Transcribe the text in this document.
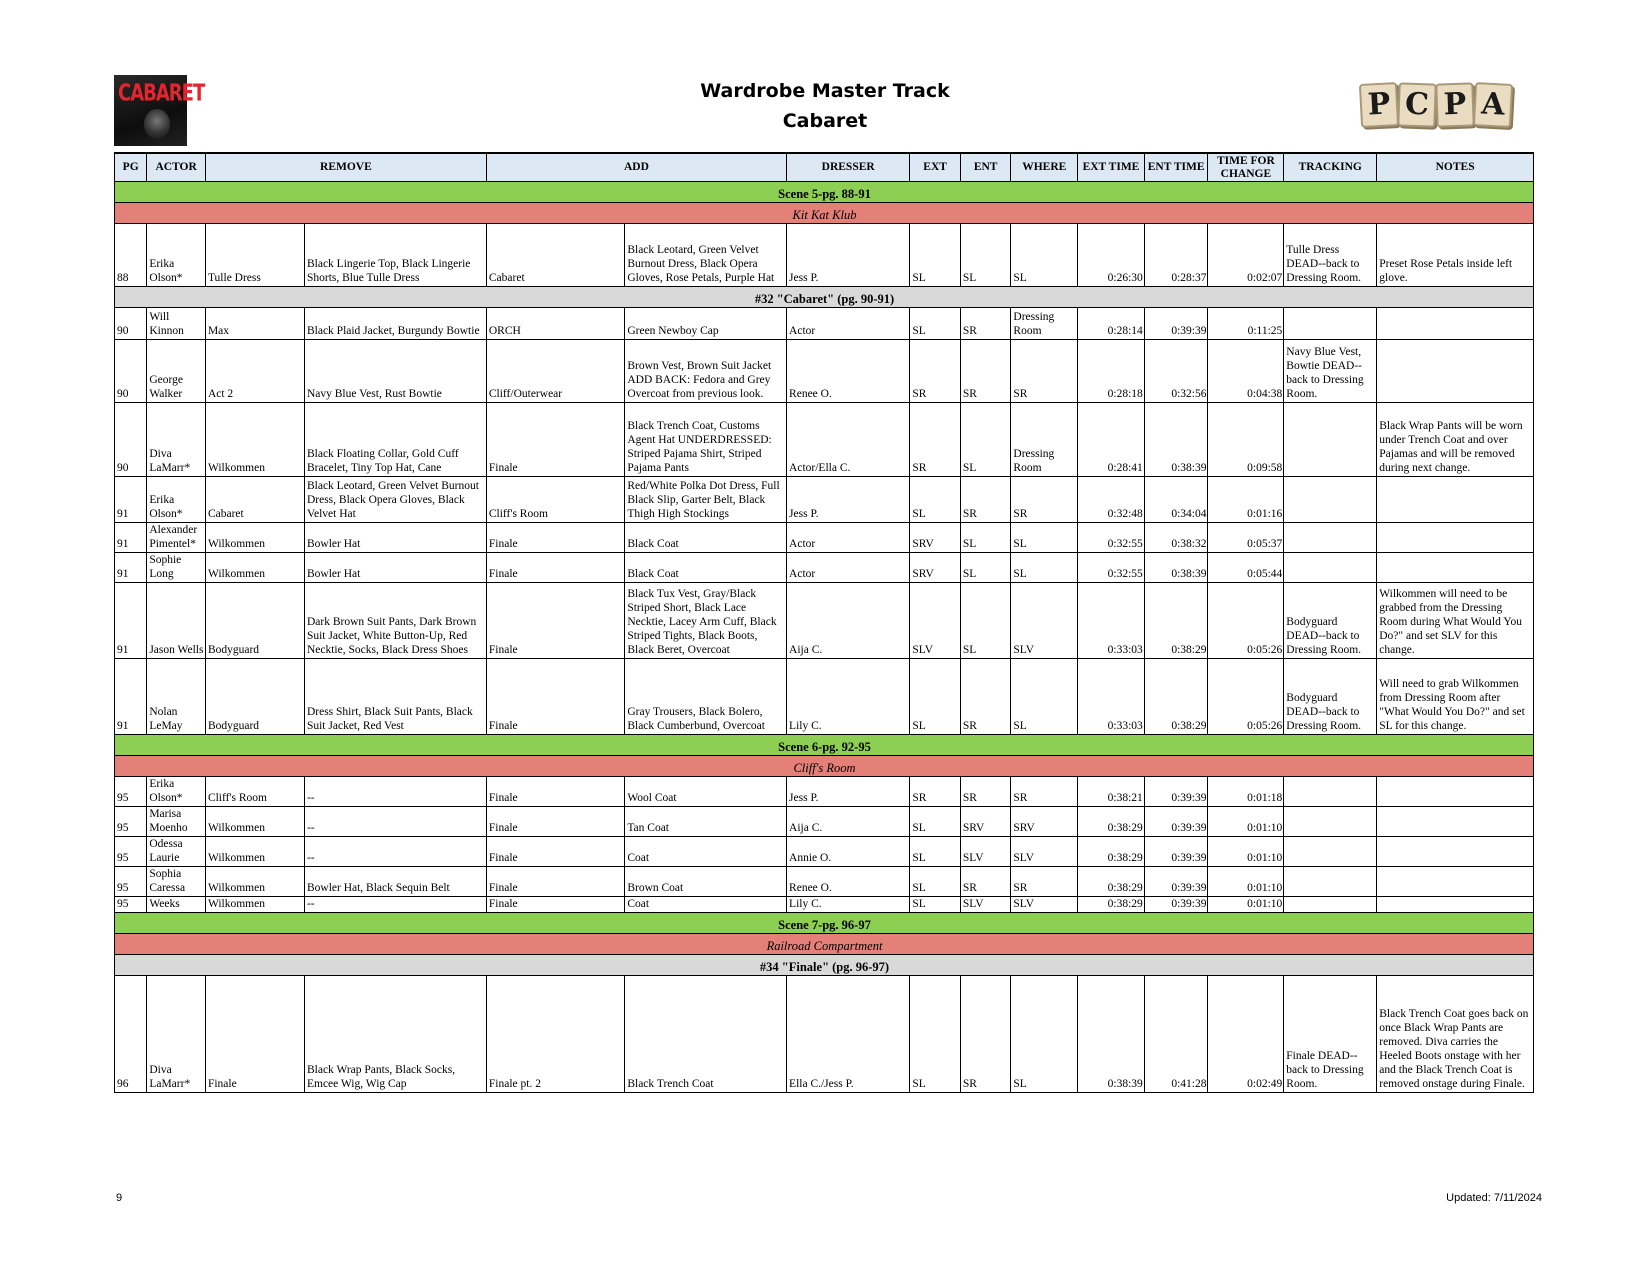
CABARET	Wardrobe Master Track
Cabaret	P C P A
PG	ACTOR	REMOVE		ADD		DRESSER	EXT	ENT	WHERE	EXT TIME	ENT TIME	TIME FOR CHANGE	TRACKING	NOTES
Scene 5-pg. 88-91														
Kit Kat Klub														
88	Erika Olson*	Tulle Dress	Black Lingerie Top, Black Lingerie Shorts, Blue Tulle Dress	Cabaret	Black Leotard, Green Velvet Burnout Dress, Black Opera Gloves, Rose Petals, Purple Hat	Jess P.	SL	SL	SL	0:26:30	0:28:37	0:02:07	Tulle Dress DEAD--back to Dressing Room.	Preset Rose Petals inside left glove.
#32 "Cabaret" (pg. 90-91)														
90	Will Kinnon	Max	Black Plaid Jacket, Burgundy Bowtie	ORCH	Green Newboy Cap	Actor	SL	SR	Dressing Room	0:28:14	0:39:39	0:11:25		
90	George Walker	Act 2	Navy Blue Vest, Rust Bowtie	Cliff/Outerwear	Brown Vest, Brown Suit Jacket ADD BACK: Fedora and Grey Overcoat from previous look.	Renee O.	SR	SR	SR	0:28:18	0:32:56	0:04:38	Navy Blue Vest, Bowtie DEAD--back to Dressing Room.	
90	Diva LaMarr*	Wilkommen	Black Floating Collar, Gold Cuff Bracelet, Tiny Top Hat, Cane	Finale	Black Trench Coat, Customs Agent Hat UNDERDRESSED: Striped Pajama Shirt, Striped Pajama Pants	Actor/Ella C.	SR	SL	Dressing Room	0:28:41	0:38:39	0:09:58		Black Wrap Pants will be worn under Trench Coat and over Pajamas and will be removed during next change.
91	Erika Olson*	Cabaret	Black Leotard, Green Velvet Burnout Dress, Black Opera Gloves, Black Velvet Hat	Cliff's Room	Red/White Polka Dot Dress, Full Black Slip, Garter Belt, Black Thigh High Stockings	Jess P.	SL	SR	SR	0:32:48	0:34:04	0:01:16		
91	Alexander Pimentel*	Wilkommen	Bowler Hat	Finale	Black Coat	Actor	SRV	SL	SL	0:32:55	0:38:32	0:05:37		
91	Sophie Long	Wilkommen	Bowler Hat	Finale	Black Coat	Actor	SRV	SL	SL	0:32:55	0:38:39	0:05:44		
91	Jason Wells	Bodyguard	Dark Brown Suit Pants, Dark Brown Suit Jacket, White Button-Up, Red Necktie, Socks, Black Dress Shoes	Finale	Black Tux Vest, Gray/Black Striped Short, Black Lace Necktie, Lacey Arm Cuff, Black Striped Tights, Black Boots, Black Beret, Overcoat	Aija C.	SLV	SL	SLV	0:33:03	0:38:29	0:05:26	Bodyguard DEAD--back to Dressing Room.	Wilkommen will need to be grabbed from the Dressing Room during What Would You Do?" and set SLV for this change.
91	Nolan LeMay	Bodyguard	Dress Shirt, Black Suit Pants, Black Suit Jacket, Red Vest	Finale	Gray Trousers, Black Bolero, Black Cumberbund, Overcoat	Lily C.	SL	SR	SL	0:33:03	0:38:29	0:05:26	Bodyguard DEAD--back to Dressing Room.	Will need to grab Wilkommen from Dressing Room after "What Would You Do?" and set SL for this change.
Scene 6-pg. 92-95														
Cliff's Room														
95	Erika Olson*	Cliff's Room	--	Finale	Wool Coat	Jess P.	SR	SR	SR	0:38:21	0:39:39	0:01:18		
95	Marisa Moenho	Wilkommen	--	Finale	Tan Coat	Aija C.	SL	SRV	SRV	0:38:29	0:39:39	0:01:10		
95	Odessa Laurie	Wilkommen	--	Finale	Coat	Annie O.	SL	SLV	SLV	0:38:29	0:39:39	0:01:10		
95	Sophia Caressa	Wilkommen	Bowler Hat, Black Sequin Belt	Finale	Brown Coat	Renee O.	SL	SR	SR	0:38:29	0:39:39	0:01:10		
95	Weeks	Wilkommen	--	Finale	Coat	Lily C.	SL	SLV	SLV	0:38:29	0:39:39	0:01:10		
Scene 7-pg. 96-97														
Railroad Compartment														
#34 "Finale" (pg. 96-97)														
96	Diva LaMarr*	Finale	Black Wrap Pants, Black Socks, Emcee Wig, Wig Cap	Finale pt. 2	Black Trench Coat	Ella C./Jess P.	SL	SR	SL	0:38:39	0:41:28	0:02:49	Finale DEAD--back to Dressing Room.	Black Trench Coat goes back on once Black Wrap Pants are removed. Diva carries the Heeled Boots onstage with her and the Black Trench Coat is removed onstage during Finale.
9	Updated: 7/11/2024
